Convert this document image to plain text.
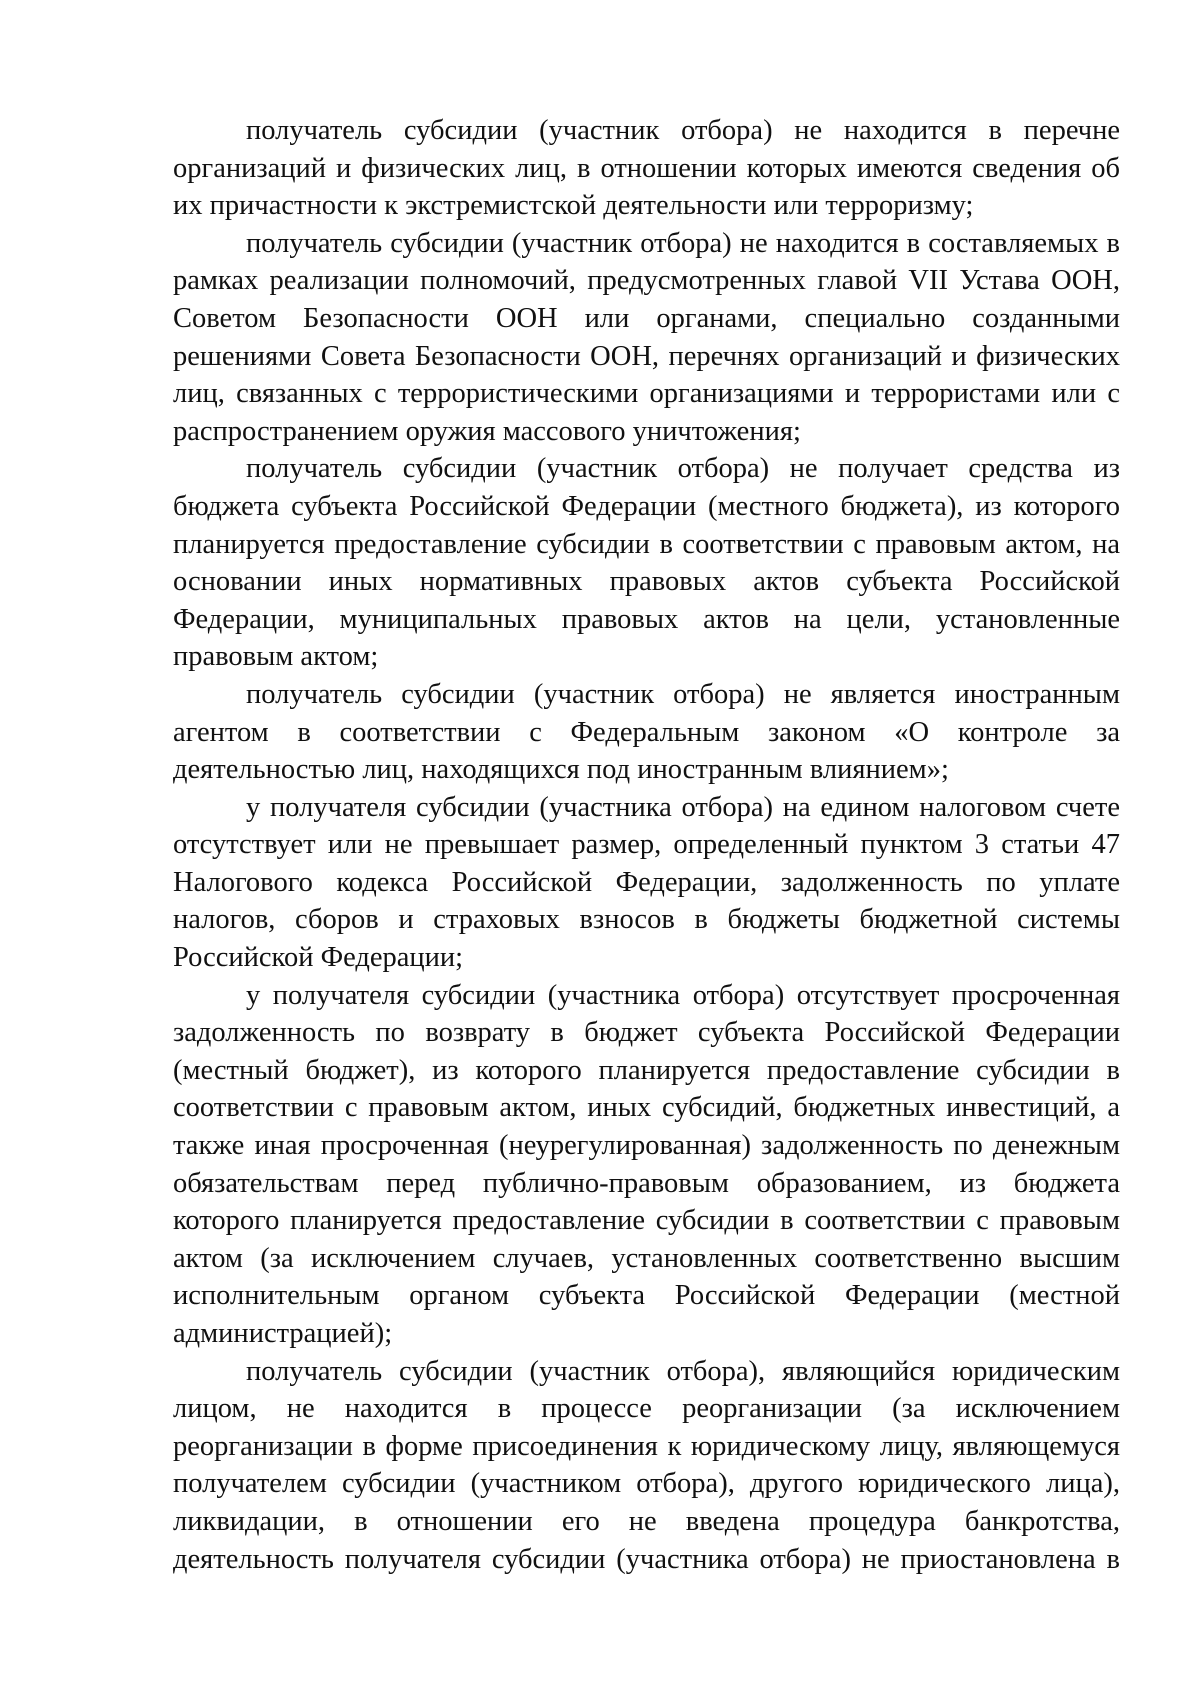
получатель субсидии (участник отбора) не находится в перечне организаций и физических лиц, в отношении которых имеются сведения об их причастности к экстремистской деятельности или терроризму;

получатель субсидии (участник отбора) не находится в составляемых в рамках реализации полномочий, предусмотренных главой VII Устава ООН, Советом Безопасности ООН или органами, специально созданными решениями Совета Безопасности ООН, перечнях организаций и физических лиц, связанных с террористическими организациями и террористами или с распространением оружия массового уничтожения;

получатель субсидии (участник отбора) не получает средства из бюджета субъекта Российской Федерации (местного бюджета), из которого планируется предоставление субсидии в соответствии с правовым актом, на основании иных нормативных правовых актов субъекта Российской Федерации, муниципальных правовых актов на цели, установленные правовым актом;

получатель субсидии (участник отбора) не является иностранным агентом в соответствии с Федеральным законом «О контроле за деятельностью лиц, находящихся под иностранным влиянием»;

у получателя субсидии (участника отбора) на едином налоговом счете отсутствует или не превышает размер, определенный пунктом 3 статьи 47 Налогового кодекса Российской Федерации, задолженность по уплате налогов, сборов и страховых взносов в бюджеты бюджетной системы Российской Федерации;

у получателя субсидии (участника отбора) отсутствует просроченная задолженность по возврату в бюджет субъекта Российской Федерации (местный бюджет), из которого планируется предоставление субсидии в соответствии с правовым актом, иных субсидий, бюджетных инвестиций, а также иная просроченная (неурегулированная) задолженность по денежным обязательствам перед публично-правовым образованием, из бюджета которого планируется предоставление субсидии в соответствии с правовым актом (за исключением случаев, установленных соответственно высшим исполнительным органом субъекта Российской Федерации (местной администрацией);

получатель субсидии (участник отбора), являющийся юридическим лицом, не находится в процессе реорганизации (за исключением реорганизации в форме присоединения к юридическому лицу, являющемуся получателем субсидии (участником отбора), другого юридического лица), ликвидации, в отношении его не введена процедура банкротства, деятельность получателя субсидии (участника отбора) не приостановлена в
